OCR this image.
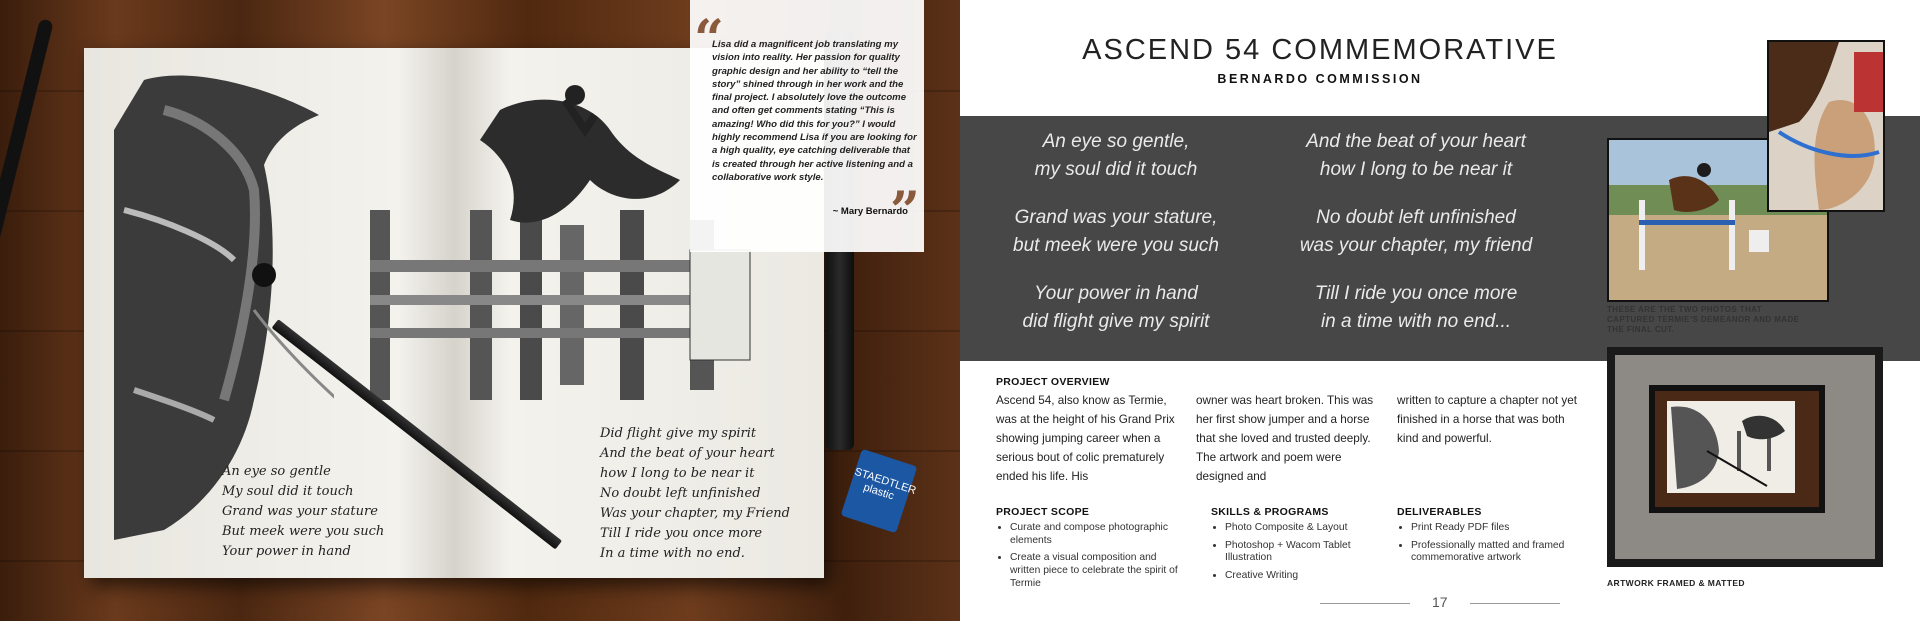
An eye so gentle
My soul did it touch
Grand was your stature
But meek were you such
Your power in hand
Did flight give my spirit
And the beat of your heart
how I long to be near it
No doubt left unfinished
Was your chapter, my Friend
Till I ride you once more
In a time with no end.
STAEDTLER plastic
“
Lisa did a magnificent job translating my vision into reality. Her passion for quality graphic design and her ability to “tell the story” shined through in her work and the final project. I absolutely love the outcome and often get comments stating “This is amazing! Who did this for you?” I would highly recommend Lisa if you are looking for a high quality, eye catching deliverable that is created through her active listening and a collaborative work style.
”
~ Mary Bernardo
ASCEND 54 COMMEMORATIVE
BERNARDO COMMISSION
An eye so gentle,
my soul did it touch
Grand was your stature,
but meek were you such
Your power in hand
did flight give my spirit
And the beat of your heart
how I long to be near it
No doubt left unfinished
was your chapter, my friend
Till I ride you once more
in a time with no end...
THESE ARE THE TWO PHOTOS THAT CAPTURED TERMIE’S DEMEANOR AND MADE THE FINAL CUT.
ARTWORK FRAMED & MATTED
PROJECT OVERVIEW
Ascend 54, also know as Termie, was at the height of his Grand Prix showing jumping career when a serious bout of colic prematurely ended his life. His
owner was heart broken. This was her first show jumper and a horse that she loved and trusted deeply. The artwork and poem were designed and
written to capture a chapter not yet finished in a horse that was both kind and powerful.
PROJECT SCOPE
• Curate and compose photographic elements
• Create a visual composition and written piece to celebrate the spirit of Termie
SKILLS & PROGRAMS
• Photo Composite & Layout
• Photoshop + Wacom Tablet Illustration
• Creative Writing
DELIVERABLES
• Print Ready PDF files
• Professionally matted and framed commemorative artwork
17
